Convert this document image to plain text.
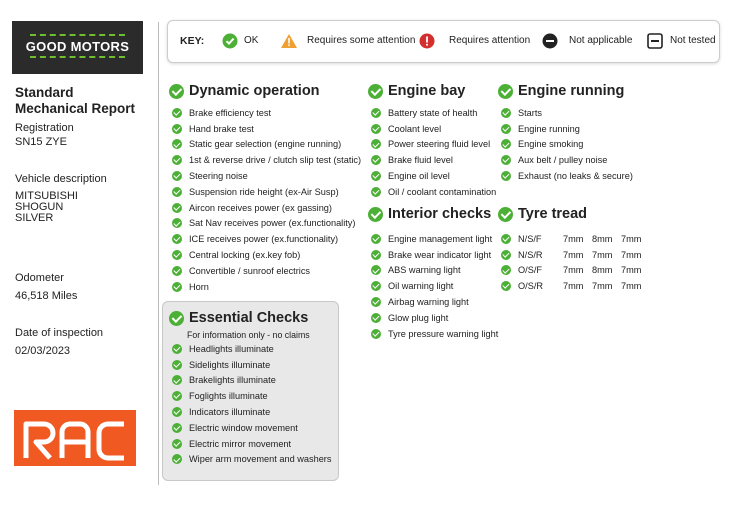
GOOD MOTORS
Standard Mechanical Report
Registration
SN15 ZYE
Vehicle description
MITSUBISHI
SHOGUN
SILVER
Odometer
46,518 Miles
Date of inspection
02/03/2023
KEY:	OK	Requires some attention	Requires attention	Not applicable	Not tested
Dynamic operation
Essential Checks
For information only - no claims
Engine bay
Interior checks
Engine running
Tyre tread
Brake efficiency test
Hand brake test
Static gear selection (engine running)
1st & reverse drive / clutch slip test (static)
Steering noise
Suspension ride height (ex-Air Susp)
Aircon receives power (ex gassing)
Sat Nav receives power (ex.functionality)
ICE receives power (ex.functionality)
Central locking (ex.key fob)
Convertible / sunroof electrics
Horn
Headlights illuminate
Sidelights illuminate
Brakelights illuminate
Foglights illuminate
Indicators illuminate
Electric window movement
Electric mirror movement
Wiper arm movement and washers
Battery state of health
Coolant level
Power steering fluid level
Brake fluid level
Engine oil level
Oil / coolant contamination
Engine management light
Brake wear indicator light
ABS warning light
Oil warning light
Airbag warning light
Glow plug light
Tyre pressure warning light
Starts
Engine running
Engine smoking
Aux belt / pulley noise
Exhaust (no leaks & secure)
N/S/F	7mm 8mm 7mm
N/S/R	7mm 7mm 7mm
O/S/F	7mm 8mm 7mm
O/S/R	7mm 7mm 7mm
